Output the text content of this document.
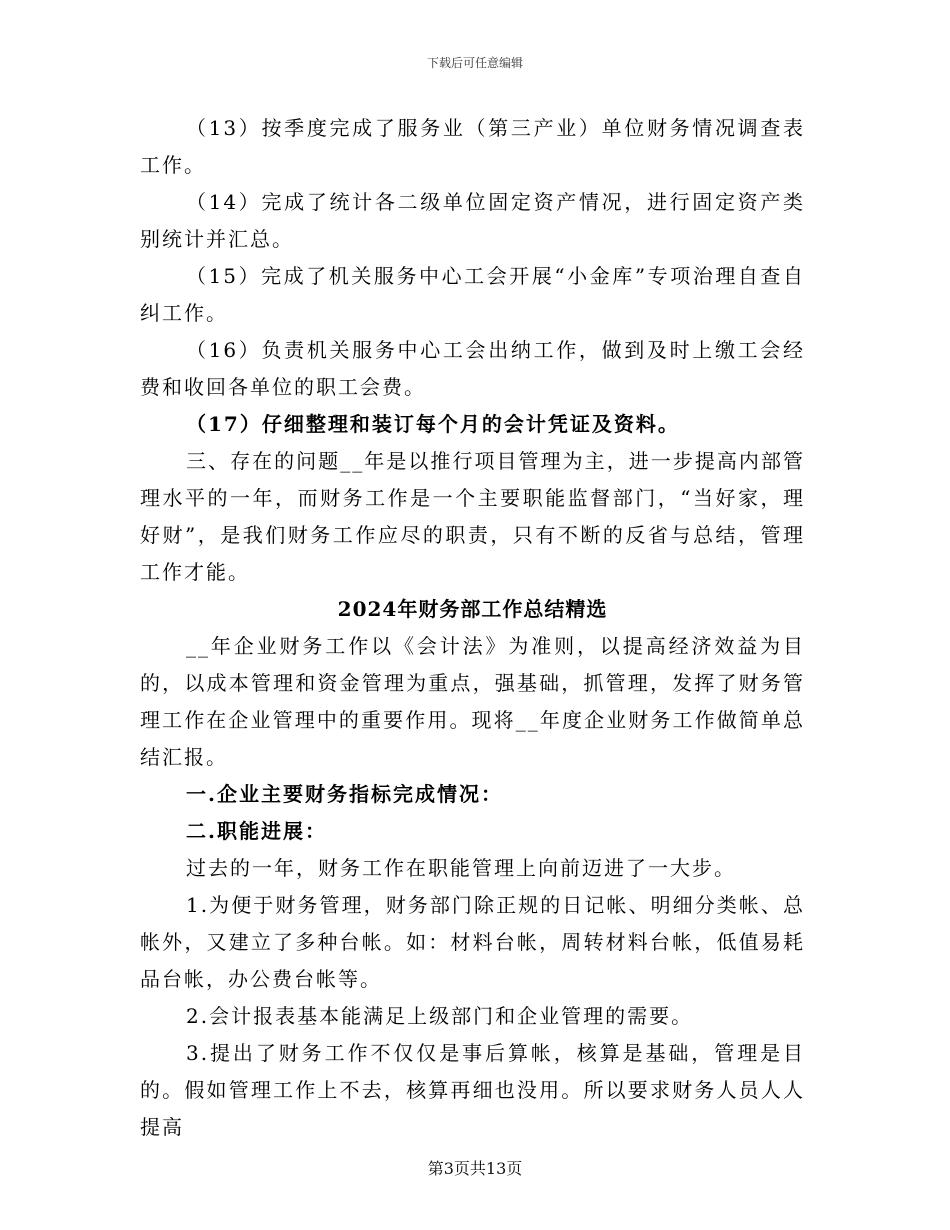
下载后可任意编辑

（13）按季度完成了服务业（第三产业）单位财务情况调查表工作。

（14）完成了统计各二级单位固定资产情况，进行固定资产类别统计并汇总。

（15）完成了机关服务中心工会开展“小金库”专项治理自查自纠工作。

（16）负责机关服务中心工会出纳工作，做到及时上缴工会经费和收回各单位的职工会费。

（17）仔细整理和装订每个月的会计凭证及资料。

三、存在的问题__年是以推行项目管理为主，进一步提高内部管理水平的一年，而财务工作是一个主要职能监督部门，“当好家，理好财”，是我们财务工作应尽的职责，只有不断的反省与总结，管理工作才能。

2024年财务部工作总结精选

__年企业财务工作以《会计法》为准则，以提高经济效益为目的，以成本管理和资金管理为重点，强基础，抓管理，发挥了财务管理工作在企业管理中的重要作用。现将__年度企业财务工作做简单总结汇报。

一.企业主要财务指标完成情况：

二.职能进展：

过去的一年，财务工作在职能管理上向前迈进了一大步。

1.为便于财务管理，财务部门除正规的日记帐、明细分类帐、总帐外，又建立了多种台帐。如：材料台帐，周转材料台帐，低值易耗品台帐，办公费台帐等。

2.会计报表基本能满足上级部门和企业管理的需要。

3.提出了财务工作不仅仅是事后算帐，核算是基础，管理是目的。假如管理工作上不去，核算再细也没用。所以要求财务人员人人提高

第3页共13页
